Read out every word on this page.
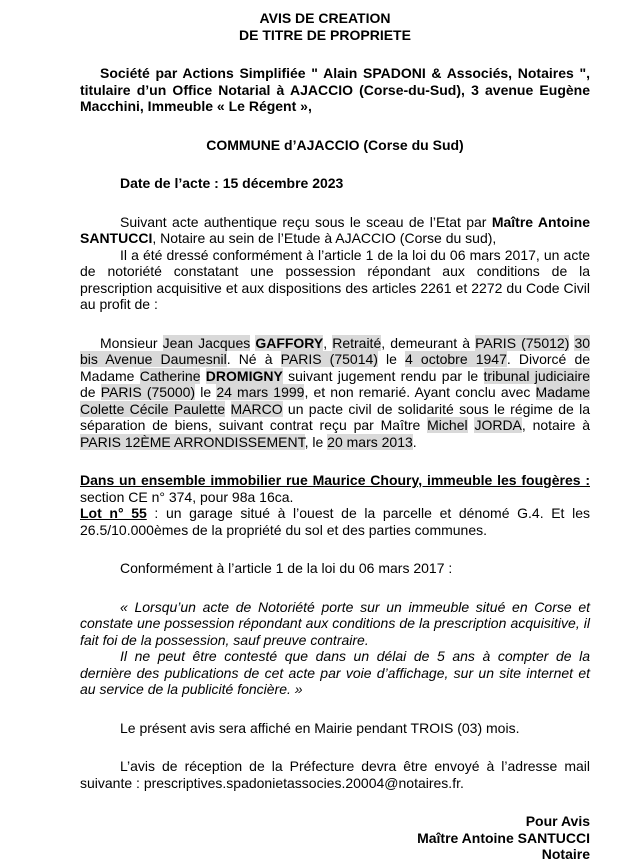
AVIS DE CREATION

DE TITRE DE PROPRIETE

Société par Actions Simplifiée " Alain SPADONI & Associés, Notaires ", titulaire d’un Office Notarial à AJACCIO (Corse-du-Sud), 3 avenue Eugène Macchini, Immeuble « Le Régent »,

COMMUNE d’AJACCIO (Corse du Sud)

Date de l’acte : 15 décembre 2023

Suivant acte authentique reçu sous le sceau de l’Etat par Maître Antoine SANTUCCI, Notaire au sein de l’Etude à AJACCIO (Corse du sud),

Il a été dressé conformément à l’article 1 de la loi du 06 mars 2017, un acte de notoriété constatant une possession répondant aux conditions de la prescription acquisitive et aux dispositions des articles 2261 et 2272 du Code Civil au profit de :

Monsieur Jean Jacques GAFFORY, Retraité, demeurant à PARIS (75012) 30 bis Avenue Daumesnil. Né à PARIS (75014) le 4 octobre 1947. Divorcé de Madame Catherine DROMIGNY suivant jugement rendu par le tribunal judiciaire de PARIS (75000) le 24 mars 1999, et non remarié. Ayant conclu avec Madame Colette Cécile Paulette MARCO un pacte civil de solidarité sous le régime de la séparation de biens, suivant contrat reçu par Maître Michel JORDA, notaire à PARIS 12ÈME ARRONDISSEMENT, le 20 mars 2013.

Dans un ensemble immobilier rue Maurice Choury, immeuble les fougères : section CE n° 374, pour 98a 16ca.

Lot n° 55 : un garage situé à l’ouest de la parcelle et dénomé G.4. Et les 26.5/10.000èmes de la propriété du sol et des parties communes.

Conformément à l’article 1 de la loi du 06 mars 2017 :

« Lorsqu’un acte de Notoriété porte sur un immeuble situé en Corse et constate une possession répondant aux conditions de la prescription acquisitive, il fait foi de la possession, sauf preuve contraire.

Il ne peut être contesté que dans un délai de 5 ans à compter de la dernière des publications de cet acte par voie d’affichage, sur un site internet et au service de la publicité foncière. »

Le présent avis sera affiché en Mairie pendant TROIS (03) mois.

L’avis de réception de la Préfecture devra être envoyé à l’adresse mail suivante : prescriptives.spadonietassocies.20004@notaires.fr.

Pour Avis

Maître Antoine SANTUCCI

Notaire
